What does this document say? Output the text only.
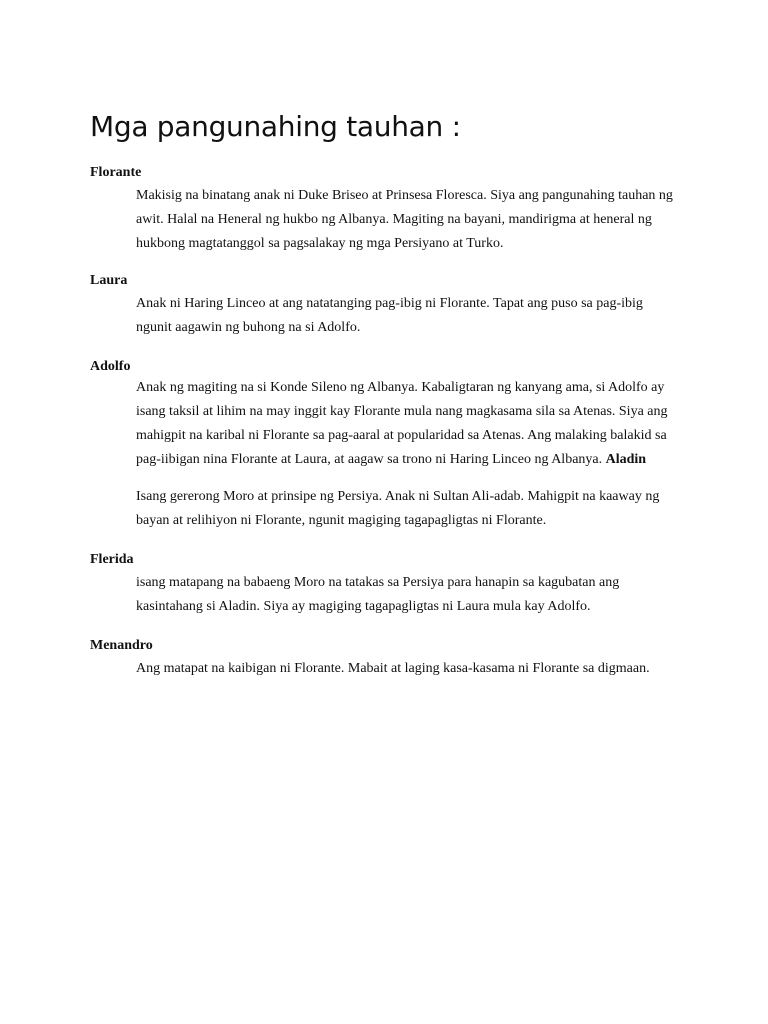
Mga pangunahing tauhan :
Florante
Makisig na binatang anak ni Duke Briseo at Prinsesa Floresca. Siya ang pangunahing tauhan ng
awit. Halal na Heneral ng hukbo ng Albanya. Magiting na bayani, mandirigma at heneral ng
hukbong magtatanggol sa pagsalakay ng mga Persiyano at Turko.
Laura
Anak ni Haring Linceo at ang natatanging pag-ibig ni Florante. Tapat ang puso sa pag-ibig
ngunit aagawin ng buhong na si Adolfo.
Adolfo
Anak ng magiting na si Konde Sileno ng Albanya. Kabaligtaran ng kanyang ama, si Adolfo ay
isang taksil at lihim na may inggit kay Florante mula nang magkasama sila sa Atenas. Siya ang
mahigpit na karibal ni Florante sa pag-aaral at popularidad sa Atenas. Ang malaking balakid sa
pag-iibigan nina Florante at Laura, at aagaw sa trono ni Haring Linceo ng Albanya. Aladin
Isang gererong Moro at prinsipe ng Persiya. Anak ni Sultan Ali-adab. Mahigpit na kaaway ng
bayan at relihiyon ni Florante, ngunit magiging tagapagligtas ni Florante.
Flerida
isang matapang na babaeng Moro na tatakas sa Persiya para hanapin sa kagubatan ang
kasintahang si Aladin. Siya ay magiging tagapagligtas ni Laura mula kay Adolfo.
Menandro
Ang matapat na kaibigan ni Florante. Mabait at laging kasa-kasama ni Florante sa digmaan.
